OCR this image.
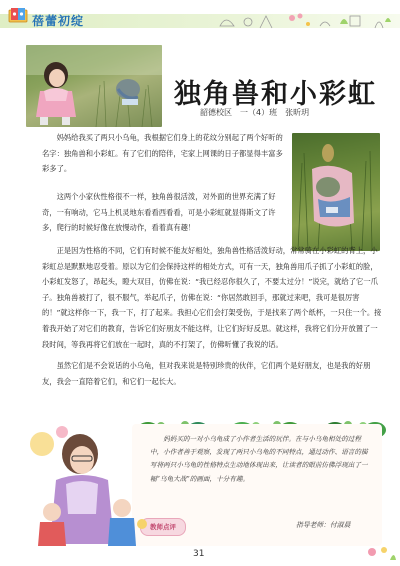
蓓蕾初绽
独角兽和小彩虹
韶德校区　一（4）班　张昕玥

妈妈给我买了两只小乌龟，我根据它们身上的花纹分别起了两个好听的名字：独角兽和小彩虹。有了它们的陪伴，宅家上网课的日子都显得丰富多彩多了。

这两个小家伙性格很不一样，独角兽很活泼，对外面的世界充满了好奇，一有响动，它马上机灵地东看看西看看，可是小彩虹就显得斯文了许多，爬行的时候好像在放慢动作，看着真有趣！

正是因为性格的不同，它们有时候不能友好相处，独角兽性格活泼好动，常常骑在小彩虹的背上，小彩虹总是默默地忍受着。原以为它们会保持这样的相处方式，可有一天，独角兽用爪子抓了小彩虹的脸，小彩虹发怒了，昂起头，瞪大双目，仿佛在说：“我已经忍你很久了，不要太过分！”说完，就给了它一爪子。独角兽被打了，很不服气，举起爪子，仿佛在说：“你居然敢回手，那就过来吧，我可是很厉害的！”就这样你一下，我一下，打了起来。我担心它们会打架受伤，于是找来了两个纸杯，一只住一个。接着我开始了对它们的教育，告诉它们好朋友不能这样，让它们好好反思。就这样，我将它们分开放置了一段时间，等我再将它们放在一起时，真的不打架了，仿佛听懂了我说的话。

虽然它们是不会说话的小乌龟，但对我来说是特别珍贵的伙伴，它们两个是好朋友，也是我的好朋友，我会一直陪着它们，和它们一起长大。

妈妈买的一对小乌龟成了小作者生活的玩伴。在与小乌龟相处的过程中，小作者善于观察，发现了两只小乌龟的不同特点，通过动作、语言的描写将两只小乌龟的性格特点生动地体现出来，让读者的眼前仿佛浮现出了一幅“乌龟大战”的画面，十分有趣。

指导老师：付淑晨
教师点评
31
